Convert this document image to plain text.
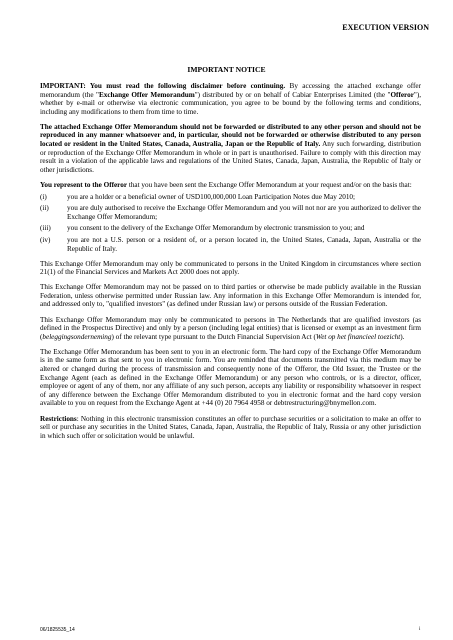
EXECUTION VERSION
IMPORTANT NOTICE

IMPORTANT: You must read the following disclaimer before continuing. By accessing the attached exchange offer memorandum (the "Exchange Offer Memorandum") distributed by or on behalf of Cabiar Enterprises Limited (the "Offeror"), whether by e-mail or otherwise via electronic communication, you agree to be bound by the following terms and conditions, including any modifications to them from time to time.

The attached Exchange Offer Memorandum should not be forwarded or distributed to any other person and should not be reproduced in any manner whatsoever and, in particular, should not be forwarded or otherwise distributed to any person located or resident in the United States, Canada, Australia, Japan or the Republic of Italy. Any such forwarding, distribution or reproduction of the Exchange Offer Memorandum in whole or in part is unauthorised. Failure to comply with this direction may result in a violation of the applicable laws and regulations of the United States, Canada, Japan, Australia, the Republic of Italy or other jurisdictions.

You represent to the Offeror that you have been sent the Exchange Offer Memorandum at your request and/or on the basis that:

(i)	you are a holder or a beneficial owner of USD100,000,000 Loan Participation Notes due May 2010;
(ii)	you are duly authorised to receive the Exchange Offer Memorandum and you will not nor are you authorized to deliver the Exchange Offer Memorandum;
(iii)	you consent to the delivery of the Exchange Offer Memorandum by electronic transmission to you; and
(iv)	you are not a U.S. person or a resident of, or a person located in, the United States, Canada, Japan, Australia or the Republic of Italy.

This Exchange Offer Memorandum may only be communicated to persons in the United Kingdom in circumstances where section 21(1) of the Financial Services and Markets Act 2000 does not apply.

This Exchange Offer Memorandum may not be passed on to third parties or otherwise be made publicly available in the Russian Federation, unless otherwise permitted under Russian law. Any information in this Exchange Offer Memorandum is intended for, and addressed only to, "qualified investors" (as defined under Russian law) or persons outside of the Russian Federation.

This Exchange Offer Memorandum may only be communicated to persons in The Netherlands that are qualified investors (as defined in the Prospectus Directive) and only by a person (including legal entities) that is licensed or exempt as an investment firm (beleggingsonderneming) of the relevant type pursuant to the Dutch Financial Supervision Act (Wet op het financieel toezicht).

The Exchange Offer Memorandum has been sent to you in an electronic form. The hard copy of the Exchange Offer Memorandum is in the same form as that sent to you in electronic form. You are reminded that documents transmitted via this medium may be altered or changed during the process of transmission and consequently none of the Offeror, the Old Issuer, the Trustee or the Exchange Agent (each as defined in the Exchange Offer Memorandum) or any person who controls, or is a director, officer, employee or agent of any of them, nor any affiliate of any such person, accepts any liability or responsibility whatsoever in respect of any difference between the Exchange Offer Memorandum distributed to you in electronic format and the hard copy version available to you on request from the Exchange Agent at +44 (0) 20 7964 4958 or debtrestructuring@bnymellon.com.

Restrictions: Nothing in this electronic transmission constitutes an offer to purchase securities or a solicitation to make an offer to sell or purchase any securities in the United States, Canada, Japan, Australia, the Republic of Italy, Russia or any other jurisdiction in which such offer or solicitation would be unlawful.

06/1825535_14	i
